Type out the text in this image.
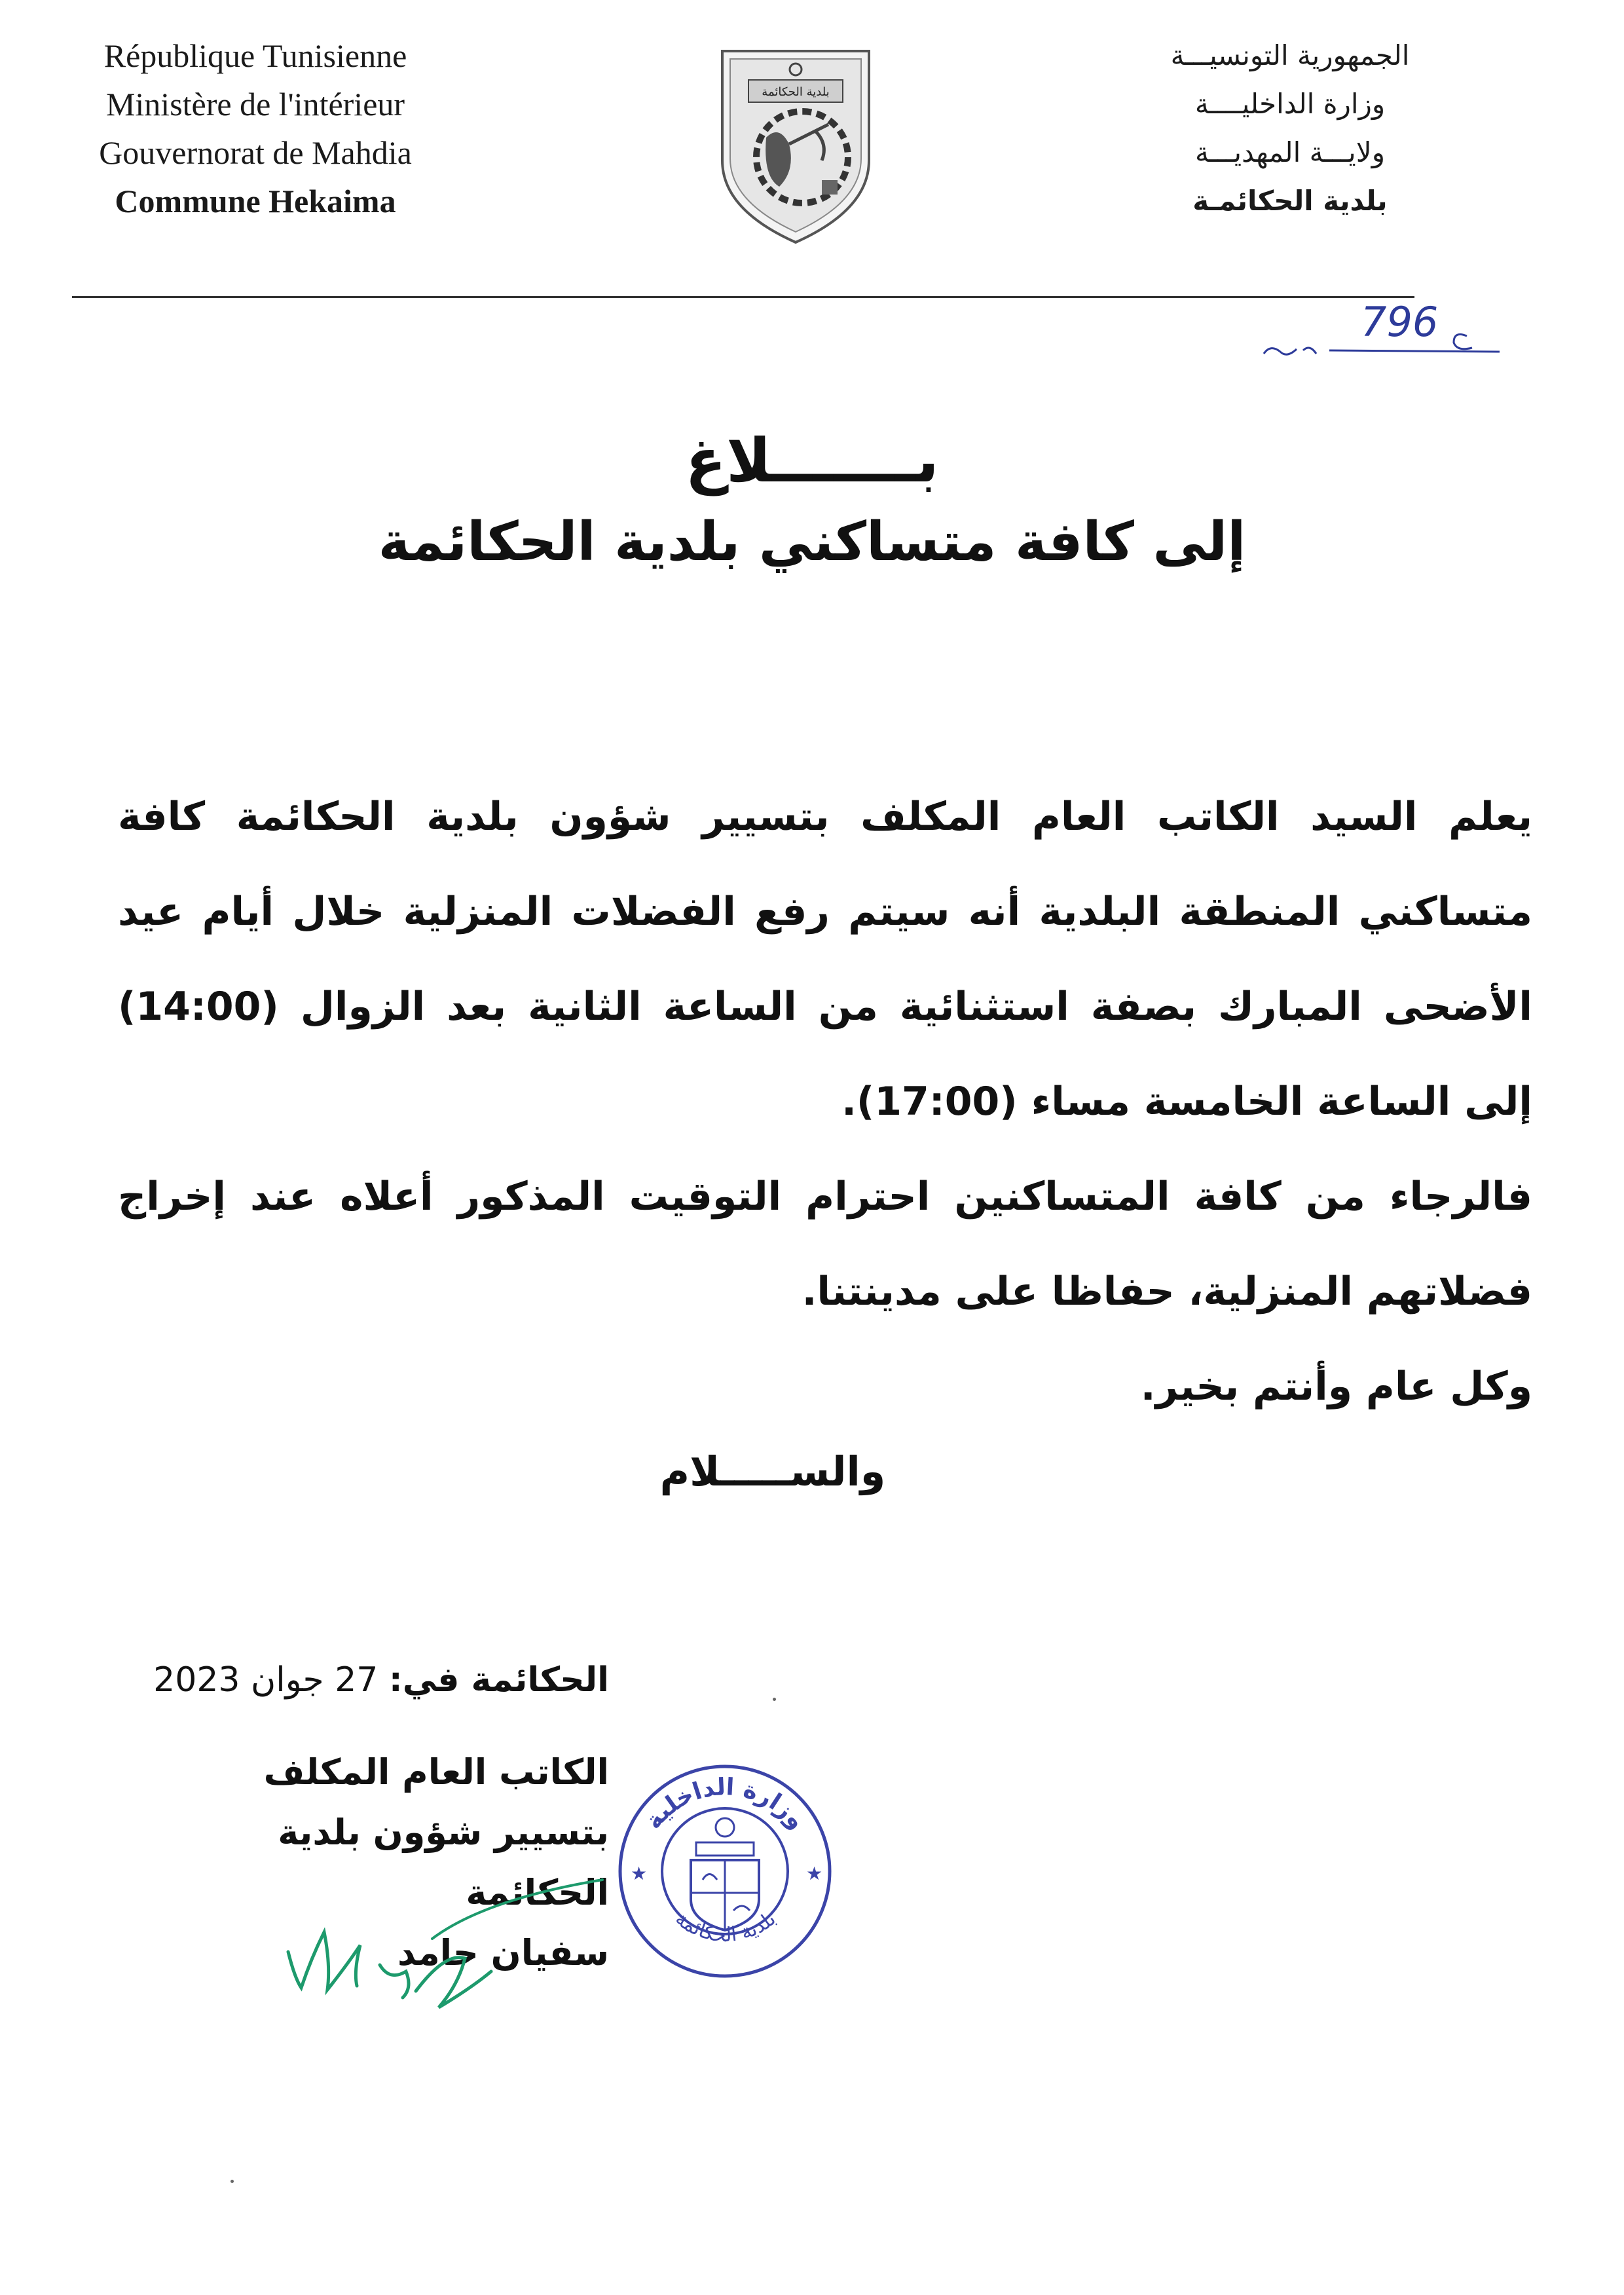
République Tunisienne
Ministère de l'intérieur
Gouvernorat de Mahdia
Commune Hekaima
الجمهورية التونسيـــة
وزارة الداخليــــة
ولايـــة المهديـــة
بلدية الحكائمـة
بلدية الحكائمة
796
بـــــــلاغ
إلى كافة متساكني بلدية الحكائمة

يعلم السيد الكاتب العام المكلف بتسيير شؤون بلدية الحكائمة كافة متساكني المنطقة البلدية أنه سيتم رفع الفضلات المنزلية خلال أيام عيد الأضحى المبارك بصفة استثنائية من الساعة الثانية بعد الزوال (14:00) إلى الساعة الخامسة مساء (17:00).

فالرجاء من كافة المتساكنين احترام التوقيت المذكور أعلاه عند إخراج فضلاتهم المنزلية، حفاظا على مدينتنا.

وكل عام وأنتم بخير.

والســـــلام
الحكائمة في: 27 جوان 2023
الكاتب العام المكلف
بتسيير شؤون بلدية الحكائمة
سفيان حامد
وزارة الداخلية
بلدية الحكائمة
★	★
